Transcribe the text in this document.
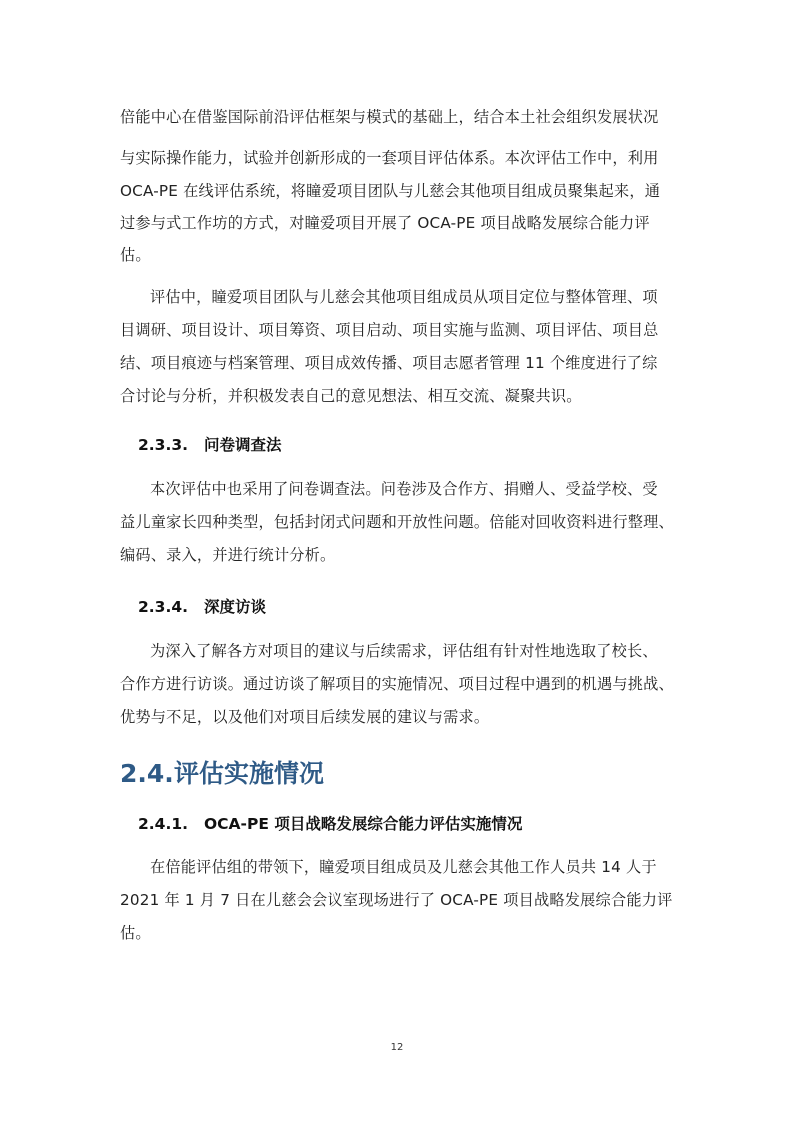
倍能中心在借鉴国际前沿评估框架与模式的基础上，结合本土社会组织发展状况
与实际操作能力，试验并创新形成的一套项目评估体系。本次评估工作中，利用
OCA-PE 在线评估系统，将瞳爱项目团队与儿慈会其他项目组成员聚集起来，通
过参与式工作坊的方式，对瞳爱项目开展了 OCA-PE 项目战略发展综合能力评
估。
评估中，瞳爱项目团队与儿慈会其他项目组成员从项目定位与整体管理、项
目调研、项目设计、项目筹资、项目启动、项目实施与监测、项目评估、项目总
结、项目痕迹与档案管理、项目成效传播、项目志愿者管理 11 个维度进行了综
合讨论与分析，并积极发表自己的意见想法、相互交流、凝聚共识。
2.3.3. 问卷调查法
本次评估中也采用了问卷调查法。问卷涉及合作方、捐赠人、受益学校、受
益儿童家长四种类型，包括封闭式问题和开放性问题。倍能对回收资料进行整理、
编码、录入，并进行统计分析。
2.3.4. 深度访谈
为深入了解各方对项目的建议与后续需求，评估组有针对性地选取了校长、
合作方进行访谈。通过访谈了解项目的实施情况、项目过程中遇到的机遇与挑战、
优势与不足，以及他们对项目后续发展的建议与需求。
2.4.评估实施情况
2.4.1. OCA-PE 项目战略发展综合能力评估实施情况
在倍能评估组的带领下，瞳爱项目组成员及儿慈会其他工作人员共 14 人于
2021 年 1 月 7 日在儿慈会会议室现场进行了 OCA-PE 项目战略发展综合能力评
估。
12
